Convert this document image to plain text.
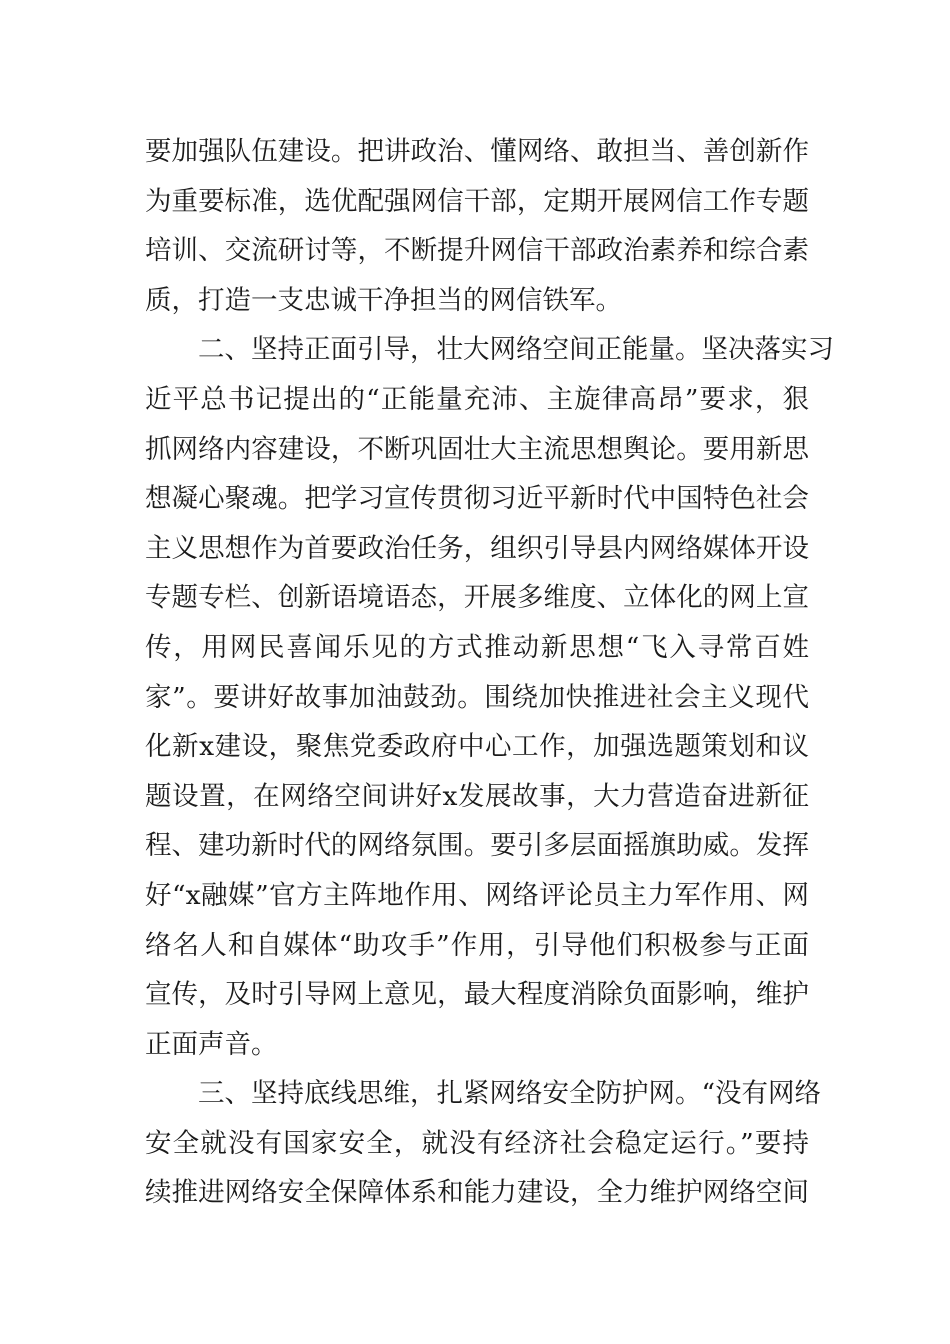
要加强队伍建设。把讲政治、懂网络、敢担当、善创新作
为重要标准，选优配强网信干部，定期开展网信工作专题
培训、交流研讨等，不断提升网信干部政治素养和综合素
质，打造一支忠诚干净担当的网信铁军。
　　二、坚持正面引导，壮大网络空间正能量。坚决落实习
近平总书记提出的“正能量充沛、主旋律高昂”要求，狠
抓网络内容建设，不断巩固壮大主流思想舆论。要用新思
想凝心聚魂。把学习宣传贯彻习近平新时代中国特色社会
主义思想作为首要政治任务，组织引导县内网络媒体开设
专题专栏、创新语境语态，开展多维度、立体化的网上宣
传，用网民喜闻乐见的方式推动新思想“飞入寻常百姓
家”。要讲好故事加油鼓劲。围绕加快推进社会主义现代
化新x建设，聚焦党委政府中心工作，加强选题策划和议
题设置，在网络空间讲好x发展故事，大力营造奋进新征
程、建功新时代的网络氛围。要引多层面摇旗助威。发挥
好“x融媒”官方主阵地作用、网络评论员主力军作用、网
络名人和自媒体“助攻手”作用，引导他们积极参与正面
宣传，及时引导网上意见，最大程度消除负面影响，维护
正面声音。
　　三、坚持底线思维，扎紧网络安全防护网。“没有网络
安全就没有国家安全，就没有经济社会稳定运行。”要持
续推进网络安全保障体系和能力建设，全力维护网络空间
